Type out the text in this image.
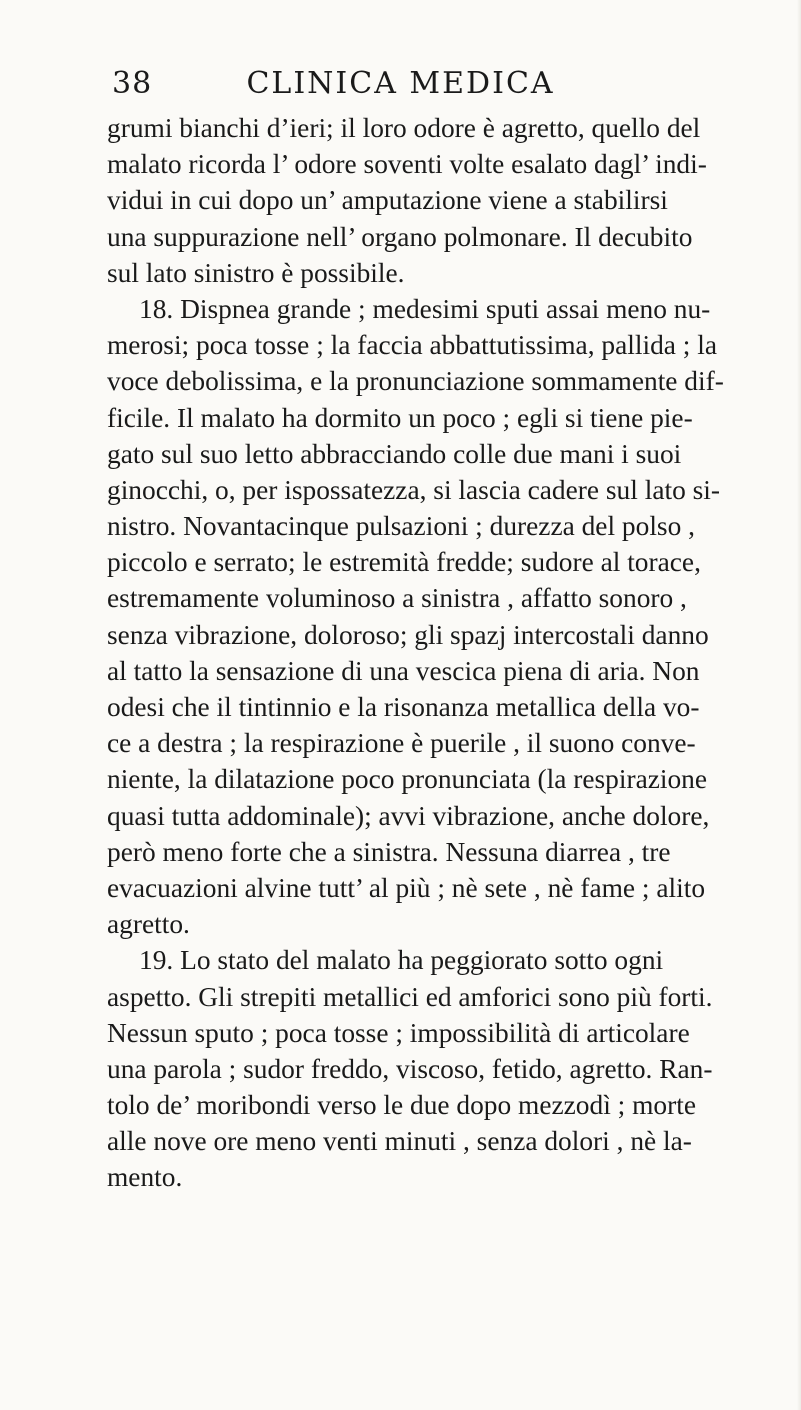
38	CLINICA MEDICA
grumi bianchi d’ieri; il loro odore è agretto, quello del
malato ricorda l’ odore soventi volte esalato dagl’ indi-
vidui in cui dopo un’ amputazione viene a stabilirsi
una suppurazione nell’ organo polmonare. Il decubito
sul lato sinistro è possibile.
18. Dispnea grande ; medesimi sputi assai meno nu-
merosi; poca tosse ; la faccia abbattutissima, pallida ; la
voce debolissima, e la pronunciazione sommamente dif-
ficile. Il malato ha dormito un poco ; egli si tiene pie-
gato sul suo letto abbracciando colle due mani i suoi
ginocchi, o, per ispossatezza, si lascia cadere sul lato si-
nistro. Novantacinque pulsazioni ; durezza del polso ,
piccolo e serrato; le estremità fredde; sudore al torace,
estremamente voluminoso a sinistra , affatto sonoro ,
senza vibrazione, doloroso; gli spazj intercostali danno
al tatto la sensazione di una vescica piena di aria. Non
odesi che il tintinnio e la risonanza metallica della vo-
ce a destra ; la respirazione è puerile , il suono conve-
niente, la dilatazione poco pronunciata (la respirazione
quasi tutta addominale); avvi vibrazione, anche dolore,
però meno forte che a sinistra. Nessuna diarrea , tre
evacuazioni alvine tutt’ al più ; nè sete , nè fame ; alito
agretto.
19. Lo stato del malato ha peggiorato sotto ogni
aspetto. Gli strepiti metallici ed amforici sono più forti.
Nessun sputo ; poca tosse ; impossibilità di articolare
una parola ; sudor freddo, viscoso, fetido, agretto. Ran-
tolo de’ moribondi verso le due dopo mezzodì ; morte
alle nove ore meno venti minuti , senza dolori , nè la-
mento.
